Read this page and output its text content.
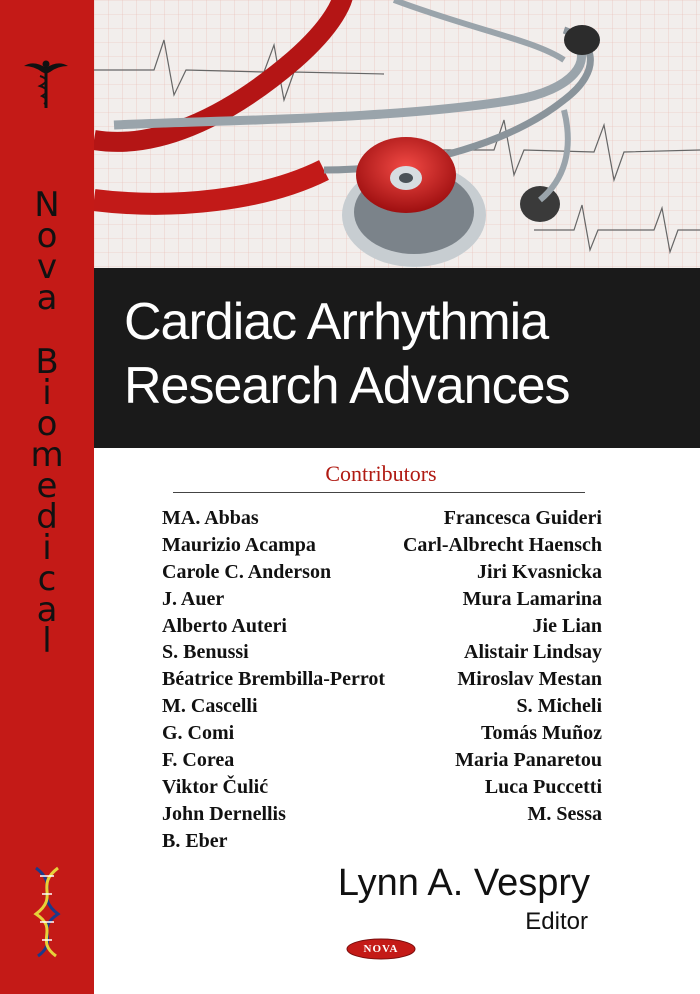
N
o
v
a
B
i
o
m
e
d
i
c
a
l
Cardiac Arrhythmia
Research Advances
Contributors
MA. Abbas
Maurizio Acampa
Carole C. Anderson
J. Auer
Alberto Auteri
S. Benussi
Béatrice Brembilla-Perrot
M. Cascelli
G. Comi
F. Corea
Viktor Čulić
John Dernellis
B. Eber
Francesca Guideri
Carl-Albrecht Haensch
Jiri Kvasnicka
Mura Lamarina
Jie Lian
Alistair Lindsay
Miroslav Mestan
S. Micheli
Tomás Muñoz
Maria Panaretou
Luca Puccetti
M. Sessa
Lynn A. Vespry
Editor
NOVA
